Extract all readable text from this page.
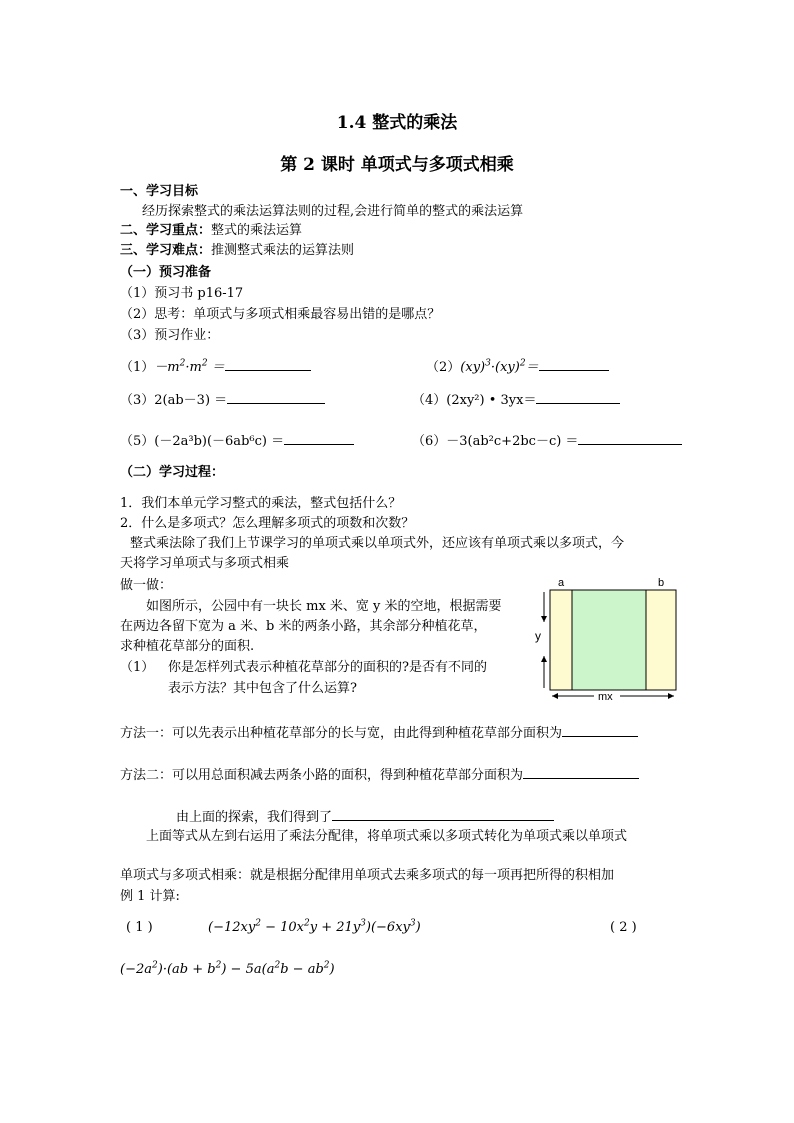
1.4 整式的乘法
第 2 课时 单项式与多项式相乘
一、学习目标
经历探索整式的乘法运算法则的过程,会进行简单的整式的乘法运算
二、学习重点：整式的乘法运算
三、学习难点：推测整式乘法的运算法则
（一）预习准备
（1）预习书 p16-17
（2）思考：单项式与多项式相乘最容易出错的是哪点？
（3）预习作业：
$(1)-m^2\cdot m^2$ ＝	（2）(xy)$^3$·(xy)$^2$＝
（3）2(ab－3) ＝	（4）(2xy²) • 3yx＝
（5）(－2a³b)(－6ab⁶c) ＝	（6）－3(ab²c+2bc－c) ＝
（二）学习过程：
1．我们本单元学习整式的乘法，整式包括什么？
2．什么是多项式？怎么理解多项式的项数和次数？
整式乘法除了我们上节课学习的单项式乘以单项式外，还应该有单项式乘以多项式，今
天将学习单项式与多项式相乘
做一做：
如图所示，公园中有一块长 mx 米、宽 y 米的空地，根据需要
在两边各留下宽为 a 米、b 米的两条小路，其余部分种植花草，
求种植花草部分的面积.
（1） 你是怎样列式表示种植花草部分的面积的?是否有不同的
表示方法？其中包含了什么运算?
a	b
y
mx
方法一：可以先表示出种植花草部分的长与宽，由此得到种植花草部分面积为
方法二：可以用总面积减去两条小路的面积，得到种植花草部分面积为
由上面的探索，我们得到了
上面等式从左到右运用了乘法分配律，将单项式乘以多项式转化为单项式乘以单项式
单项式与多项式相乘：就是根据分配律用单项式去乘多项式的每一项再把所得的积相加
例 1 计算:
( 1 )	$(-12xy^2 - 10x^2y + 21y^3)(-6xy^3)$	( 2 )
$(-2a^2)\cdot(ab + b^2) - 5a(a^2b - ab^2)$
